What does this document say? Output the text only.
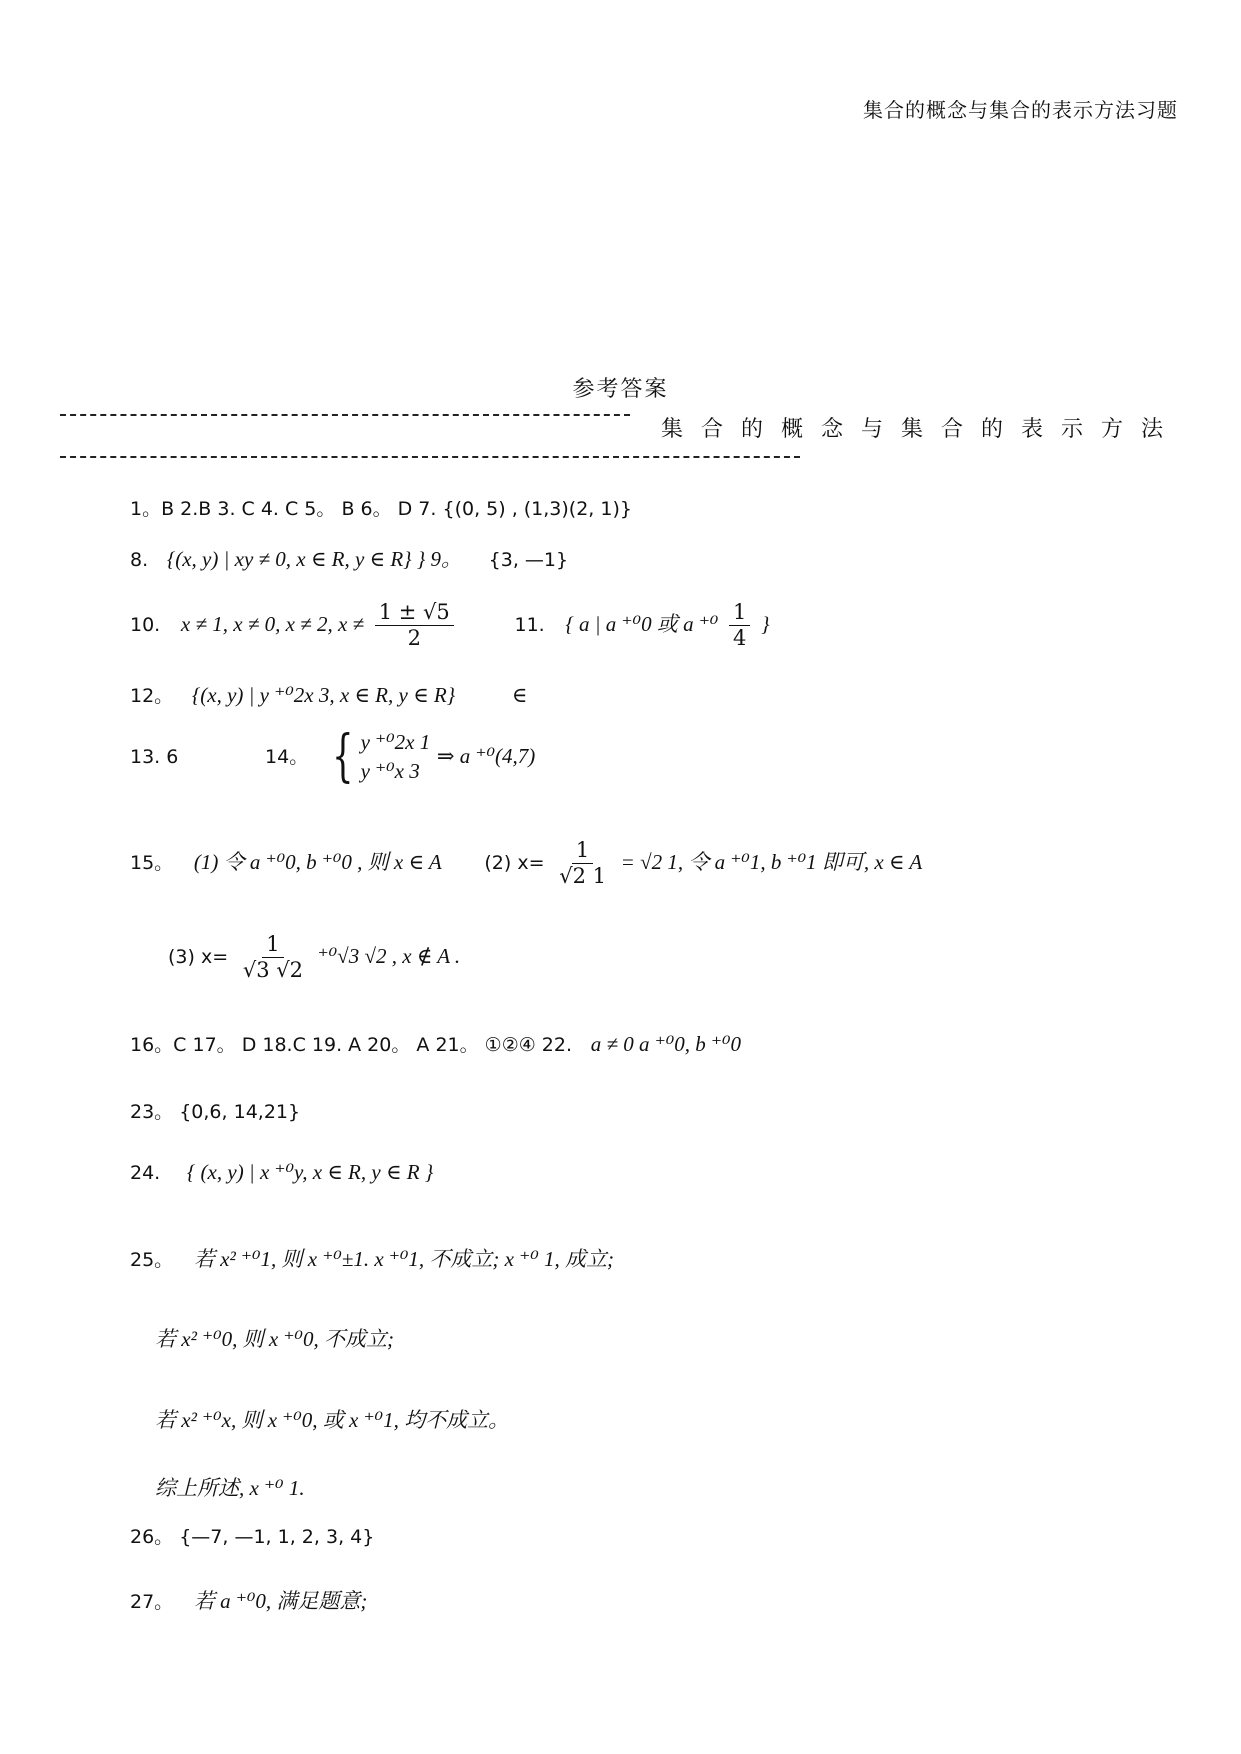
集合的概念与集合的表示方法习题
参考答案
集合的概念与集合的表示方法
1。B 2.B 3. C 4. C 5。 B 6。 D 7. {(0, 5) , (1,3)(2, 1)}
8. {(x, y) | xy ≠ 0, x ∈ R, y ∈ R} } 9。 {3, —1}
10. x ≠ 1, x ≠ 0, x ≠ 2, $x \ne \frac{1 \pm √5}{2}$	11. { a | a ⁺⁰0 或 a $^{+0} \frac{1}{4}$ }
12。 {(x, y) | y ⁺⁰2x 3, x ∈ R, y ∈ R}	∈
13. 6	14。 { y ⁺⁰2x 1
y ⁺⁰x 3
⇒ a ⁺⁰(4,7)
15。 (1) 令 a ⁺⁰0, b ⁺⁰0 , 则 x ∈ A (2) $x= \frac{1}{√2 1} = √2$ 1, 令 a ⁺⁰1, b ⁺⁰1 即可, x ∈ A
(3) $x= \frac{1}{√3 √2} ^{+0}√3$ √2 , x ∉ A .
16。C 17。 D 18.C 19. A 20。 A 21。 ①②④ 22. a ≠ 0 a ⁺⁰0, b ⁺⁰0
23。 {0,6, 14,21}
24. { (x, y) | x ⁺⁰y, x ∈ R, y ∈ R }
25。 若 x² ⁺⁰1, 则 x ⁺⁰±1. x ⁺⁰1, 不成立; x ⁺⁰ 1, 成立;
若 x² ⁺⁰0, 则 x ⁺⁰0, 不成立;
若 x² ⁺⁰x, 则 x ⁺⁰0, 或 x ⁺⁰1, 均不成立。
综上所述, x ⁺⁰ 1.
26。 {—7, —1, 1, 2, 3, 4}
27。 若 a ⁺⁰0, 满足题意;
